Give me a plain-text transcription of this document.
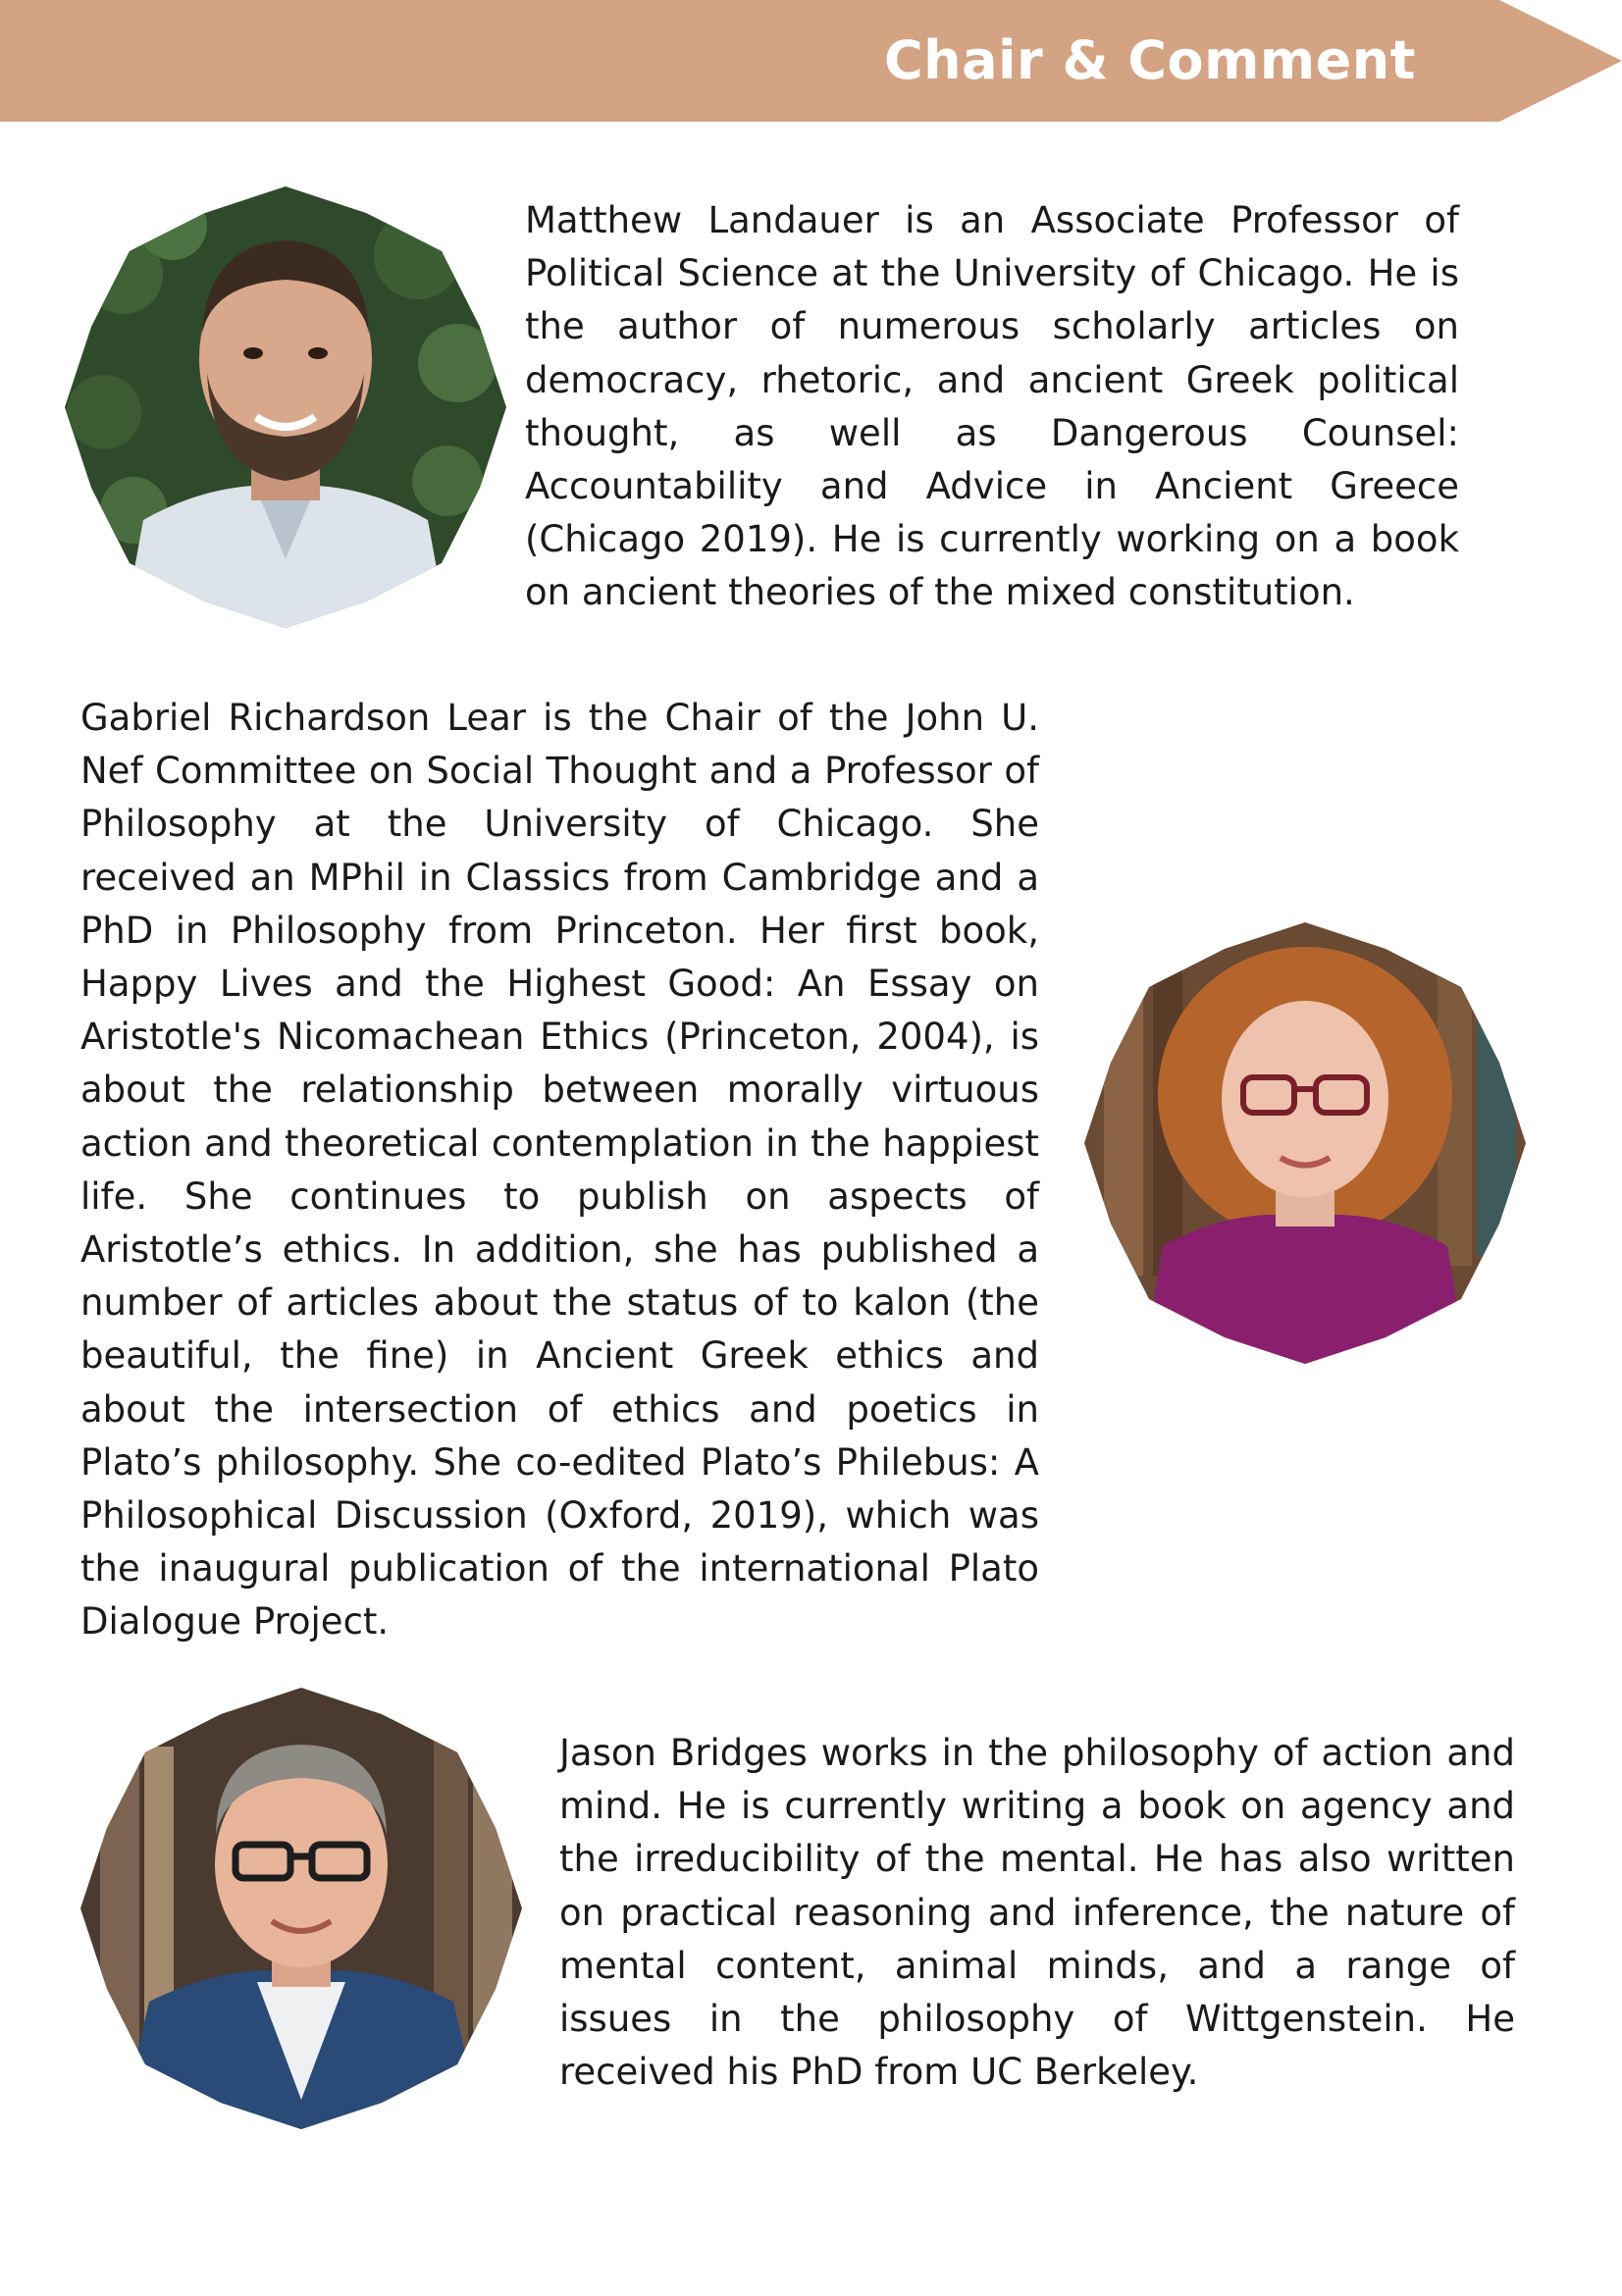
Chair & Comment

Matthew Landauer is an Associate Professor of Political Science at the University of Chicago. He is the author of numerous scholarly articles on democracy, rhetoric, and ancient Greek political thought, as well as Dangerous Counsel: Accountability and Advice in Ancient Greece (Chicago 2019). He is currently working on a book on ancient theories of the mixed constitution.

Gabriel Richardson Lear is the Chair of the John U. Nef Committee on Social Thought and a Professor of Philosophy at the University of Chicago. She received an MPhil in Classics from Cambridge and a PhD in Philosophy from Princeton. Her first book, Happy Lives and the Highest Good: An Essay on Aristotle's Nicomachean Ethics (Princeton, 2004), is about the relationship between morally virtuous action and theoretical contemplation in the happiest life. She continues to publish on aspects of Aristotle’s ethics. In addition, she has published a number of articles about the status of to kalon (the beautiful, the fine) in Ancient Greek ethics and about the intersection of ethics and poetics in Plato’s philosophy. She co-edited Plato’s Philebus: A Philosophical Discussion (Oxford, 2019), which was the inaugural publication of the international Plato Dialogue Project.

Jason Bridges works in the philosophy of action and mind. He is currently writing a book on agency and the irreducibility of the mental. He has also written on practical reasoning and inference, the nature of mental content, animal minds, and a range of issues in the philosophy of Wittgenstein. He received his PhD from UC Berkeley.
